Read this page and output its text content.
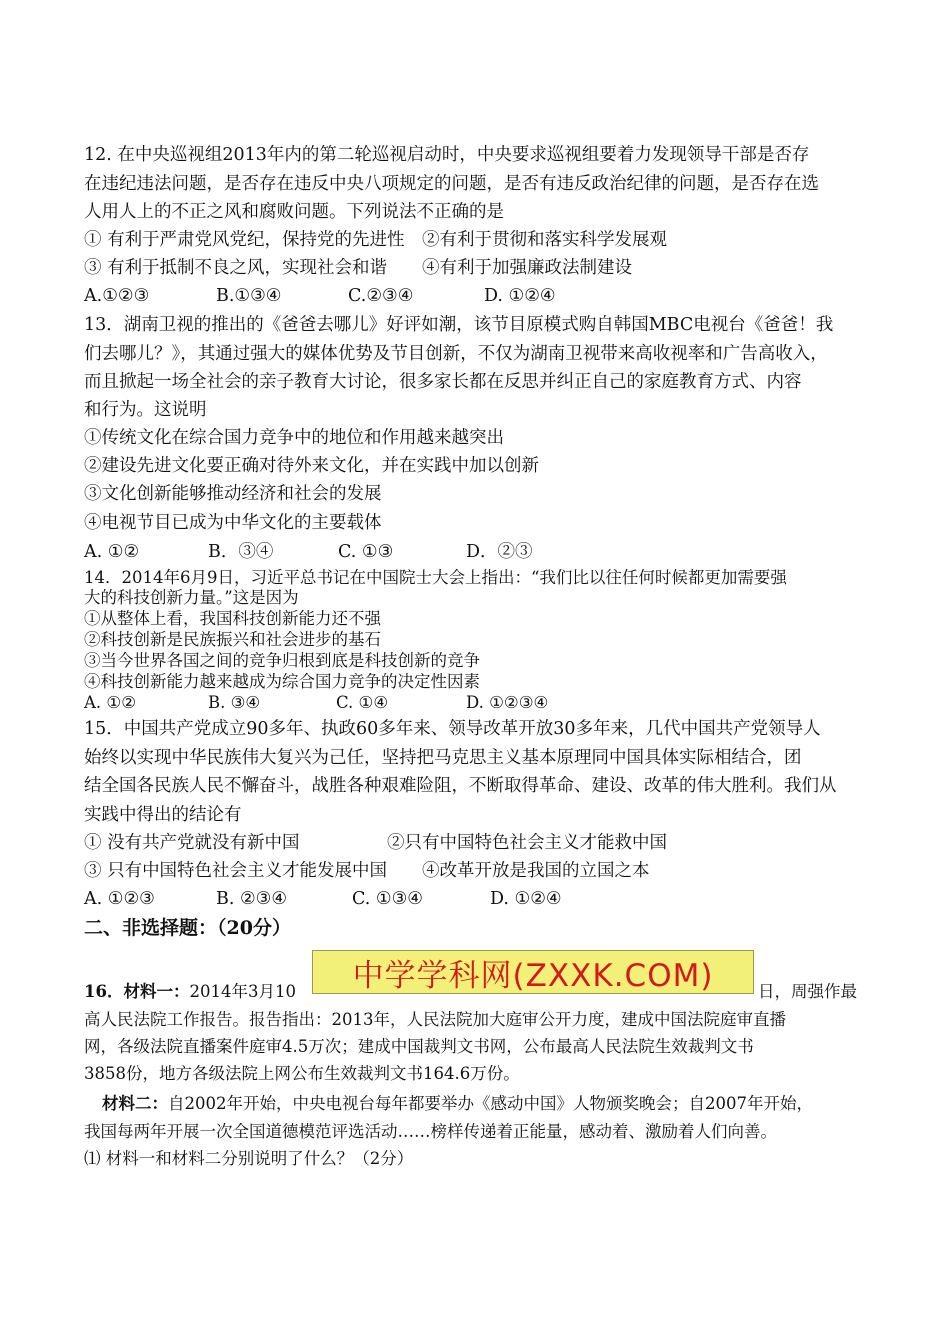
12. 在中央巡视组2013年内的第二轮巡视启动时，中央要求巡视组要着力发现领导干部是否存
在违纪违法问题，是否存在违反中央八项规定的问题，是否有违反政治纪律的问题，是否存在选
人用人上的不正之风和腐败问题。下列说法不正确的是
① 有利于严肃党风党纪，保持党的先进性　②有利于贯彻和落实科学发展观
③ 有利于抵制不良之风，实现社会和谐　　④有利于加强廉政法制建设
A.①②③	B.①③④	C.②③④	D. ①②④
13．湖南卫视的推出的《爸爸去哪儿》好评如潮，该节目原模式购自韩国MBC电视台《爸爸！我
们去哪儿？》，其通过强大的媒体优势及节目创新，不仅为湖南卫视带来高收视率和广告高收入，
而且掀起一场全社会的亲子教育大讨论，很多家长都在反思并纠正自己的家庭教育方式、内容
和行为。这说明
①传统文化在综合国力竞争中的地位和作用越来越突出
②建设先进文化要正确对待外来文化，并在实践中加以创新
③文化创新能够推动经济和社会的发展
④电视节目已成为中华文化的主要载体
A. ①②	B．③④	C. ①③	D．②③
14．2014年6月9日，习近平总书记在中国院士大会上指出：“我们比以往任何时候都更加需要强
大的科技创新力量。”这是因为
①从整体上看，我国科技创新能力还不强
②科技创新是民族振兴和社会进步的基石
③当今世界各国之间的竞争归根到底是科技创新的竞争
④科技创新能力越来越成为综合国力竞争的决定性因素
A. ①②	B. ③④	C. ①④	D. ①②③④
15．中国共产党成立90多年、执政60多年来、领导改革开放30多年来，几代中国共产党领导人
始终以实现中华民族伟大复兴为己任，坚持把马克思主义基本原理同中国具体实际相结合，团
结全国各民族人民不懈奋斗，战胜各种艰难险阻，不断取得革命、建设、改革的伟大胜利。我们从
实践中得出的结论有
① 没有共产党就没有新中国　　　　　②只有中国特色社会主义才能救中国
③ 只有中国特色社会主义才能发展中国　　④改革开放是我国的立国之本
A. ①②③	B. ②③④	C. ①③④	D. ①②④
二、非选择题：（20分）
中学学科网(ZXXK.COM)
16．材料一：2014年3月10	日，周强作最
高人民法院工作报告。报告指出：2013年，人民法院加大庭审公开力度，建成中国法院庭审直播
网，各级法院直播案件庭审4.5万次；建成中国裁判文书网，公布最高人民法院生效裁判文书
3858份，地方各级法院上网公布生效裁判文书164.6万份。
材料二：自2002年开始，中央电视台每年都要举办《感动中国》人物颁奖晚会；自2007年开始，
我国每两年开展一次全国道德模范评选活动……榜样传递着正能量，感动着、激励着人们向善。
⑴ 材料一和材料二分别说明了什么？（2分）
